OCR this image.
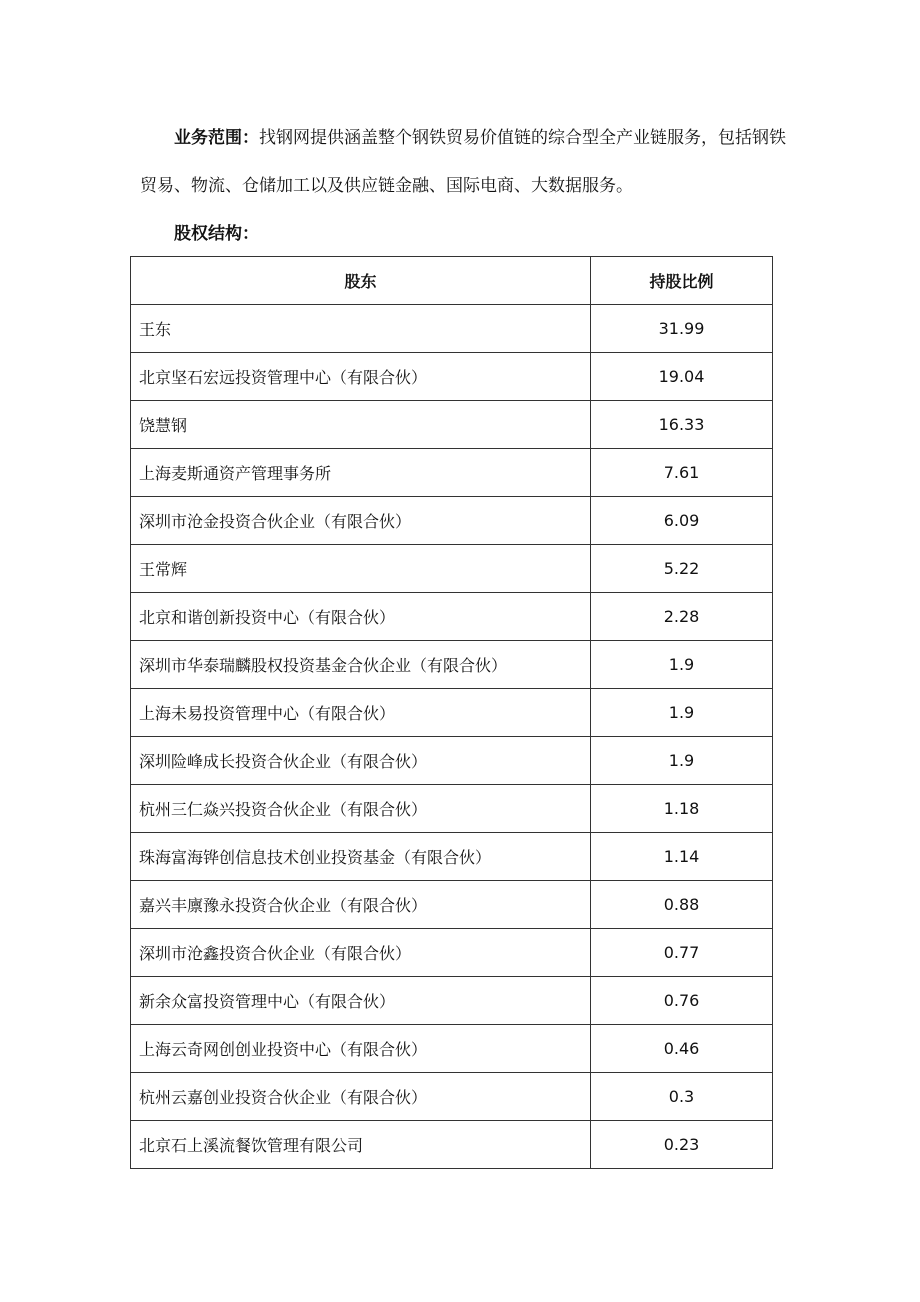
业务范围：找钢网提供涵盖整个钢铁贸易价值链的综合型全产业链服务，包括钢铁贸易、物流、仓储加工以及供应链金融、国际电商、大数据服务。

股权结构：
股东	持股比例
王东	31.99
北京坚石宏远投资管理中心（有限合伙）	19.04
饶慧钢	16.33
上海麦斯通资产管理事务所	7.61
深圳市沧金投资合伙企业（有限合伙）	6.09
王常辉	5.22
北京和谐创新投资中心（有限合伙）	2.28
深圳市华泰瑞麟股权投资基金合伙企业（有限合伙）	1.9
上海未易投资管理中心（有限合伙）	1.9
深圳险峰成长投资合伙企业（有限合伙）	1.9
杭州三仁焱兴投资合伙企业（有限合伙）	1.18
珠海富海铧创信息技术创业投资基金（有限合伙）	1.14
嘉兴丰廪豫永投资合伙企业（有限合伙）	0.88
深圳市沧鑫投资合伙企业（有限合伙）	0.77
新余众富投资管理中心（有限合伙）	0.76
上海云奇网创创业投资中心（有限合伙）	0.46
杭州云嘉创业投资合伙企业（有限合伙）	0.3
北京石上溪流餐饮管理有限公司	0.23
